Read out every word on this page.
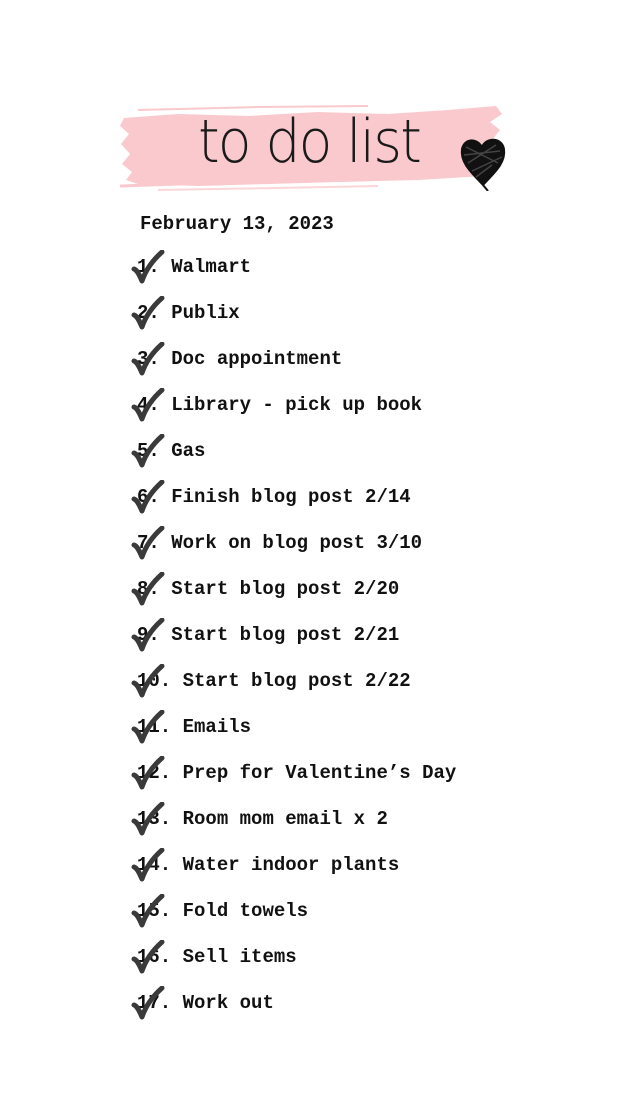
to do list
February 13, 2023
1. Walmart
2. Publix
3. Doc appointment
4. Library - pick up book
5. Gas
6. Finish blog post 2/14
7. Work on blog post 3/10
8. Start blog post 2/20
9. Start blog post 2/21
10. Start blog post 2/22
11. Emails
12. Prep for Valentine’s Day
13. Room mom email x 2
14. Water indoor plants
15. Fold towels
16. Sell items
17. Work out
